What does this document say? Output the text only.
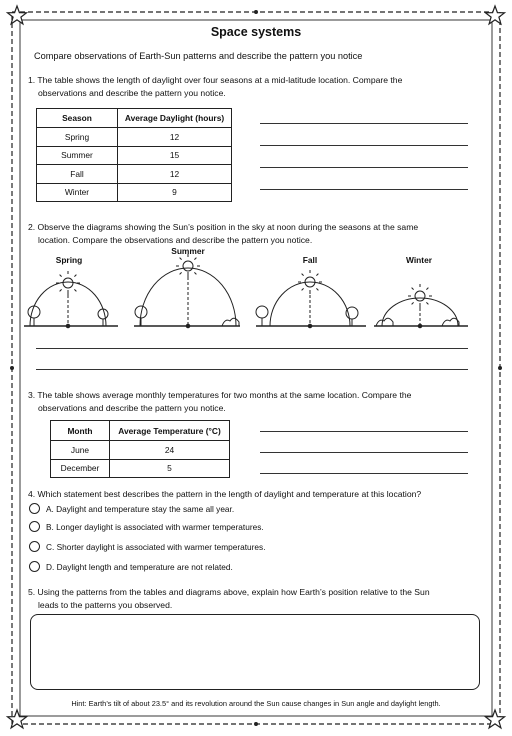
Space systems
Compare observations of Earth-Sun patterns and describe the pattern you notice
1. The table shows the length of daylight over four seasons at a mid-latitude location. Compare the
observations and describe the pattern you notice.
Season	Average Daylight (hours)
Spring	12
Summer	15
Fall	12
Winter	9
2. Observe the diagrams showing the Sun’s position in the sky at noon during the seasons at the same
location. Compare the observations and describe the pattern you notice.
Spring
Summer
Fall	Winter
3. The table shows average monthly temperatures for two months at the same location. Compare the
observations and describe the pattern you notice.
Month	Average Temperature (°C)
June	24
December	5
4. Which statement best describes the pattern in the length of daylight and temperature at this location?
A. Daylight and temperature stay the same all year.
B. Longer daylight is associated with warmer temperatures.
C. Shorter daylight is associated with warmer temperatures.
D. Daylight length and temperature are not related.
5. Using the patterns from the tables and diagrams above, explain how Earth’s position relative to the Sun
leads to the patterns you observed.
Hint: Earth’s tilt of about 23.5° and its revolution around the Sun cause changes in Sun angle and daylight length.
